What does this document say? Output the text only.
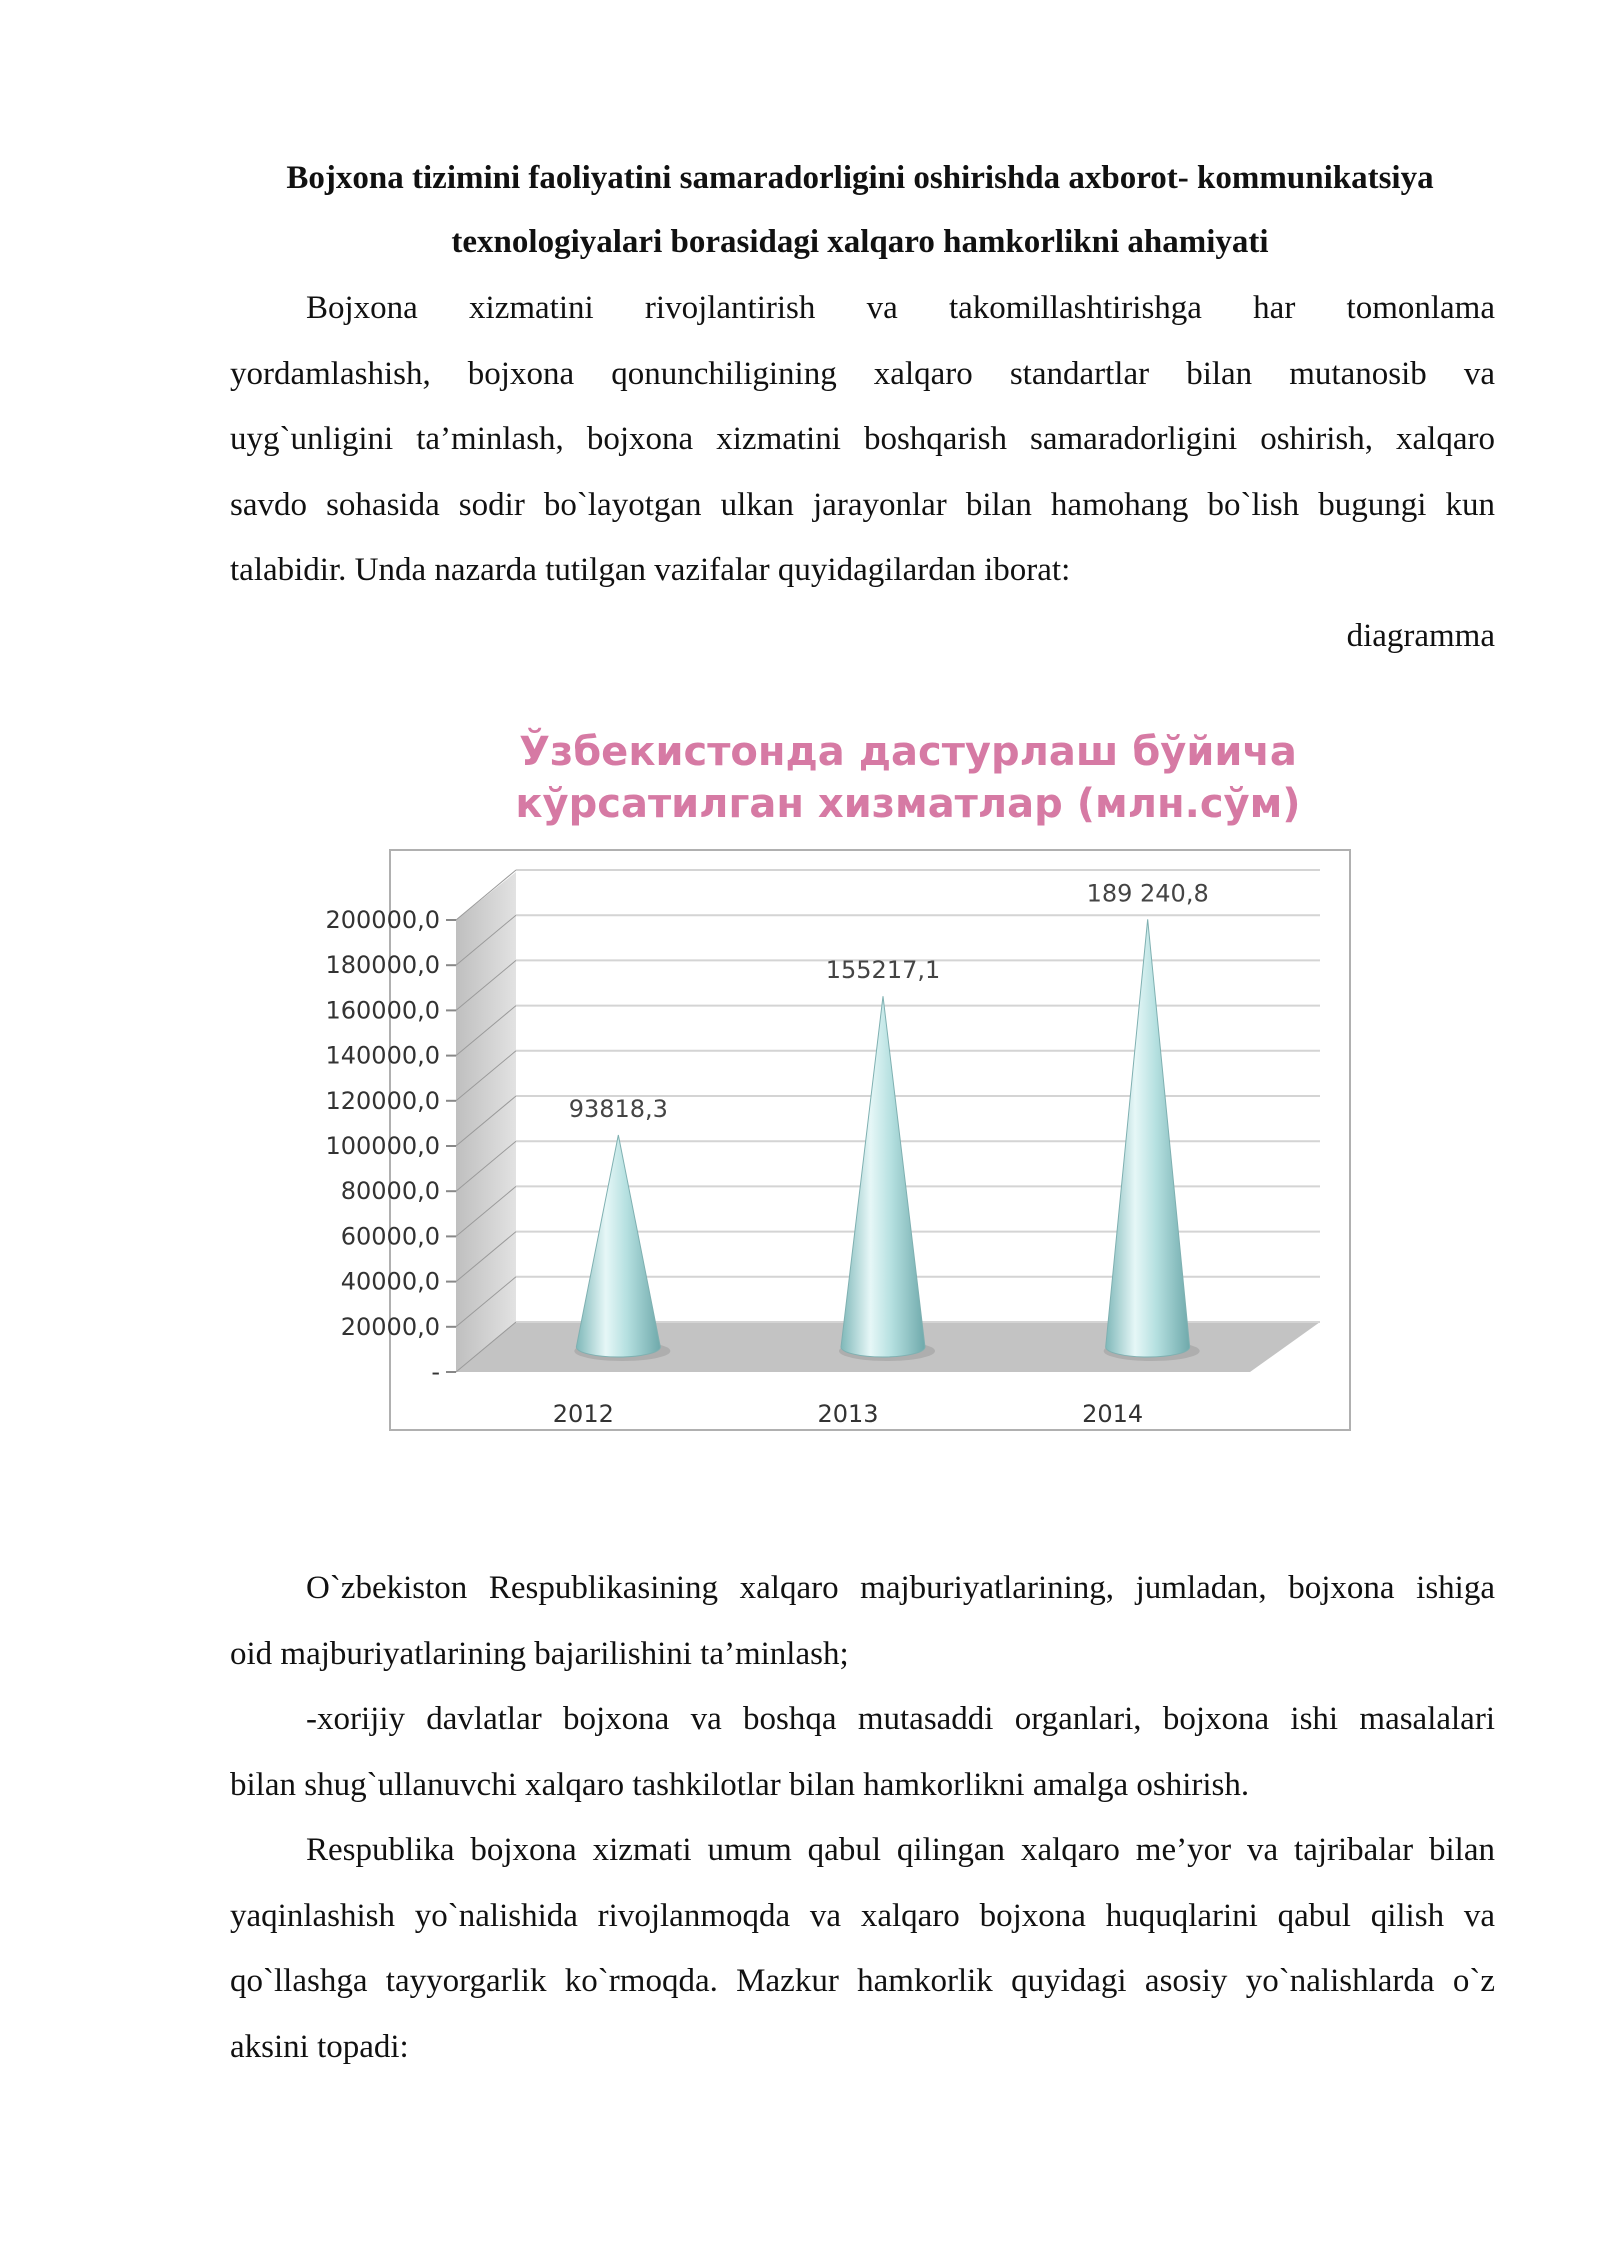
Bojxona tizimini faoliyatini samaradorligini oshirishda axborot- kommunikatsiya
texnologiyalari borasidagi xalqaro hamkorlikni ahamiyati

Bojxona xizmatini rivojlantirish va takomillashtirishga har tomonlama
yordamlashish, bojxona qonunchiligining xalqaro standartlar bilan mutanosib va
uyg`unligini ta’minlash, bojxona xizmatini boshqarish samaradorligini oshirish, xalqaro
savdo sohasida sodir bo`layotgan ulkan jarayonlar bilan hamohang bo`lish bugungi kun
talabidir. Unda nazarda tutilgan vazifalar quyidagilardan iborat:

diagramma
Ўзбекистонда дастурлаш бўйича
кўрсатилган хизматлар (млн.сўм)
-
20000,0
40000,0
60000,0
80000,0
100000,0
120000,0
140000,0
160000,0
180000,0
200000,0
93818,3
155217,1
189 240,8
2012	2013	2014

O`zbekiston Respublikasining xalqaro majburiyatlarining, jumladan, bojxona ishiga
oid majburiyatlarining bajarilishini ta’minlash;

-xorijiy davlatlar bojxona va boshqa mutasaddi organlari, bojxona ishi masalalari
bilan shug`ullanuvchi xalqaro tashkilotlar bilan hamkorlikni amalga oshirish.

Respublika bojxona xizmati umum qabul qilingan xalqaro me’yor va tajribalar bilan
yaqinlashish yo`nalishida rivojlanmoqda va xalqaro bojxona huquqlarini qabul qilish va
qo`llashga tayyorgarlik ko`rmoqda. Mazkur hamkorlik quyidagi asosiy yo`nalishlarda o`z
aksini topadi:
